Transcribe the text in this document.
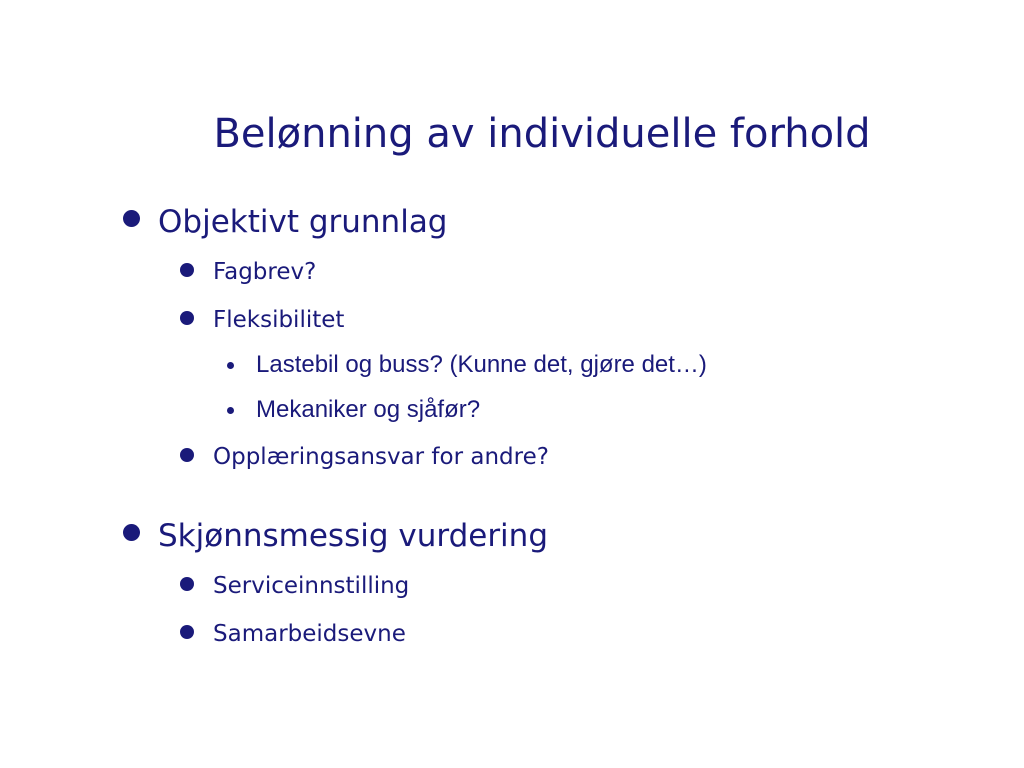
Belønning av individuelle forhold
Objektivt grunnlag
Fagbrev?
Fleksibilitet
Lastebil og buss? (Kunne det, gjøre det…)
Mekaniker og sjåfør?
Opplæringsansvar for andre?
Skjønnsmessig vurdering
Serviceinnstilling
Samarbeidsevne
